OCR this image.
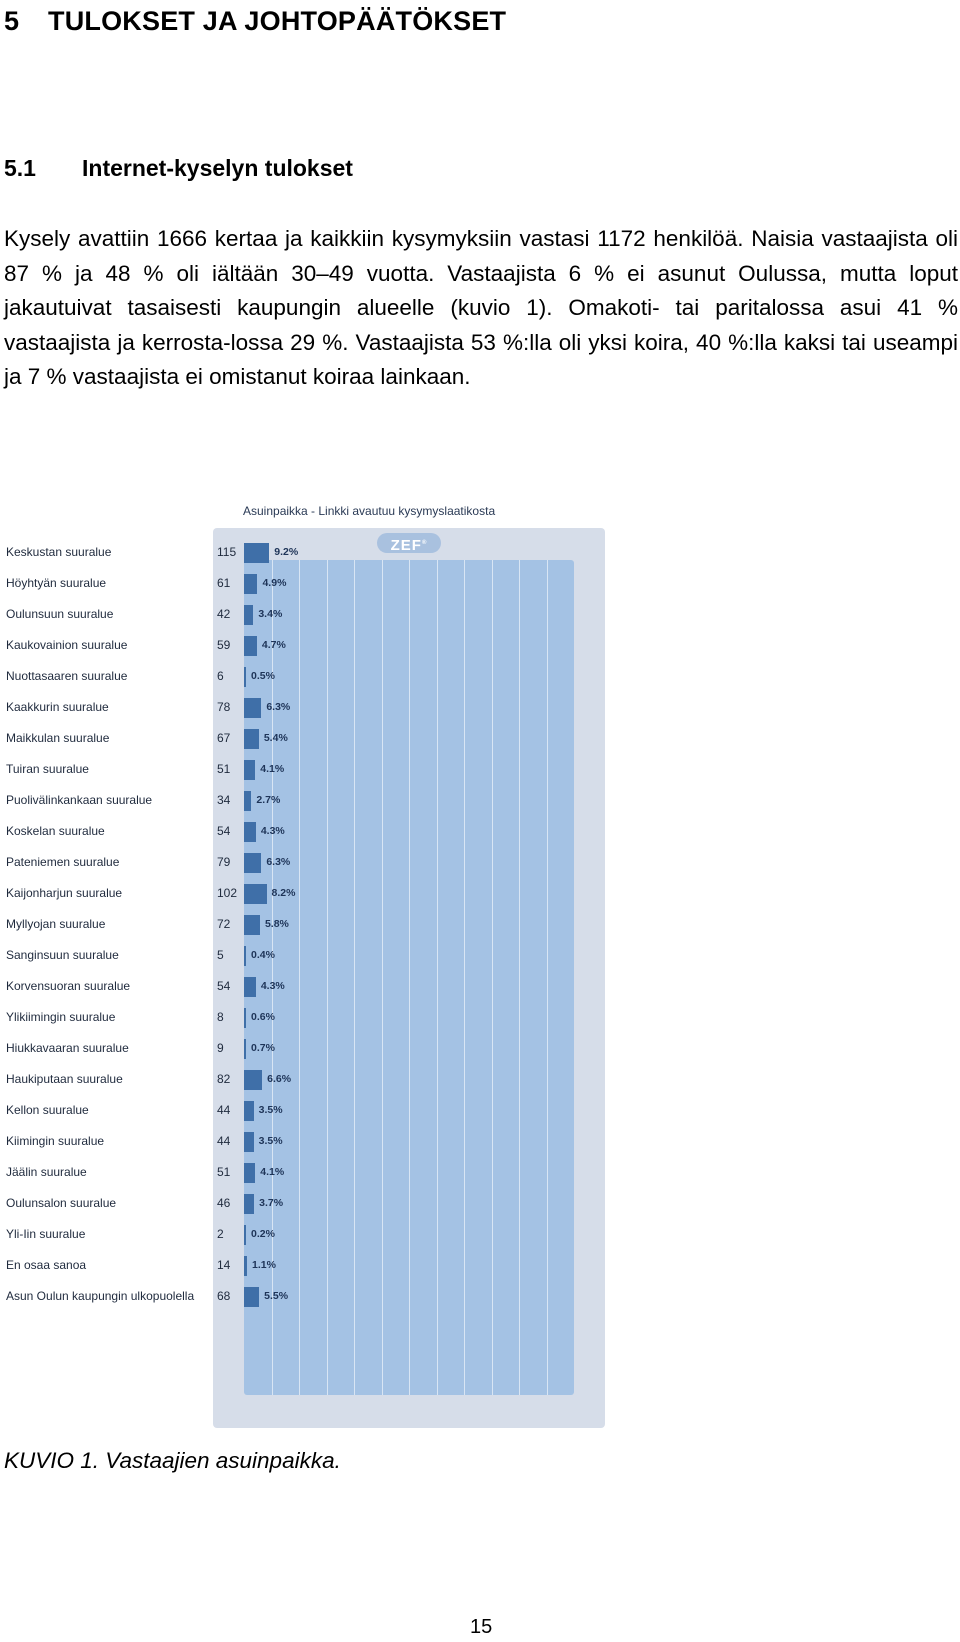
5 TULOKSET JA JOHTOPÄÄTÖKSET
5.1 Internet-kyselyn tulokset
Kysely avattiin 1666 kertaa ja kaikkiin kysymyksiin vastasi 1172 henkilöä. Naisia vastaajista oli 87 % ja 48 % oli iältään 30–49 vuotta. Vastaajista 6 % ei asunut Oulussa, mutta loput jakautuivat tasaisesti kaupungin alueelle (kuvio 1). Omakoti- tai paritalossa asui 41 % vastaajista ja kerrosta-lossa 29 %. Vastaajista 53 %:lla oli yksi koira, 40 %:lla kaksi tai useampi ja 7 % vastaajista ei omistanut koiraa lainkaan.
Asuinpaikka - Linkki avautuu kysymyslaatikosta
ZEF®
Keskustan suuralue	115	9.2%
Höyhtyän suuralue	61	4.9%
Oulunsuun suuralue	42	3.4%
Kaukovainion suuralue	59	4.7%
Nuottasaaren suuralue	6	0.5%
Kaakkurin suuralue	78	6.3%
Maikkulan suuralue	67	5.4%
Tuiran suuralue	51	4.1%
Puolivälinkankaan suuralue	34 2.7%
Koskelan suuralue	54	4.3%
Pateniemen suuralue	79	6.3%
Kaijonharjun suuralue	102	8.2%
Myllyojan suuralue	72	5.8%
Sanginsuun suuralue	5	0.4%
Korvensuoran suuralue	54	4.3%
Ylikiimingin suuralue	8	0.6%
Hiukkavaaran suuralue	9	0.7%
Haukiputaan suuralue	82	6.6%
Kellon suuralue	44	3.5%
Kiimingin suuralue	44	3.5%
Jäälin suuralue	51	4.1%
Oulunsalon suuralue	46	3.7%
Yli-Iin suuralue	2	0.2%
En osaa sanoa	14 1.1%
Asun Oulun kaupungin ulkopuolella 68	5.5%
KUVIO 1. Vastaajien asuinpaikka.
15
